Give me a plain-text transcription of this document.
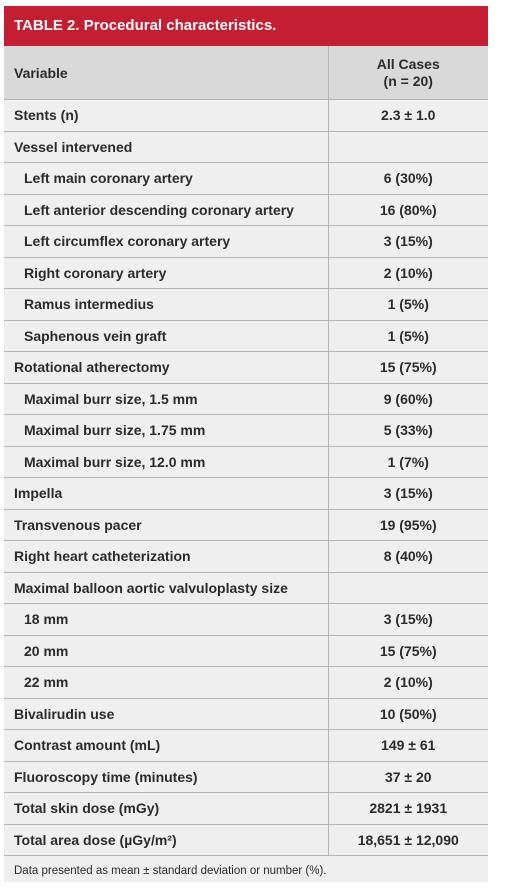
TABLE 2. Procedural characteristics.
Variable	All Cases
(n = 20)

Stents (n)	2.3 ± 1.0
Vessel intervened	
Left main coronary artery	6 (30%)
Left anterior descending coronary artery	16 (80%)
Left circumflex coronary artery	3 (15%)
Right coronary artery	2 (10%)
Ramus intermedius	1 (5%)
Saphenous vein graft	1 (5%)
Rotational atherectomy	15 (75%)
Maximal burr size, 1.5 mm	9 (60%)
Maximal burr size, 1.75 mm	5 (33%)
Maximal burr size, 12.0 mm	1 (7%)
Impella	3 (15%)
Transvenous pacer	19 (95%)
Right heart catheterization	8 (40%)
Maximal balloon aortic valvuloplasty size	
18 mm	3 (15%)
20 mm	15 (75%)
22 mm	2 (10%)
Bivalirudin use	10 (50%)
Contrast amount (mL)	149 ± 61
Fluoroscopy time (minutes)	37 ± 20
Total skin dose (mGy)	2821 ± 1931
Total area dose (µGy/m²)	18,651 ± 12,090
Data presented as mean ± standard deviation or number (%).
